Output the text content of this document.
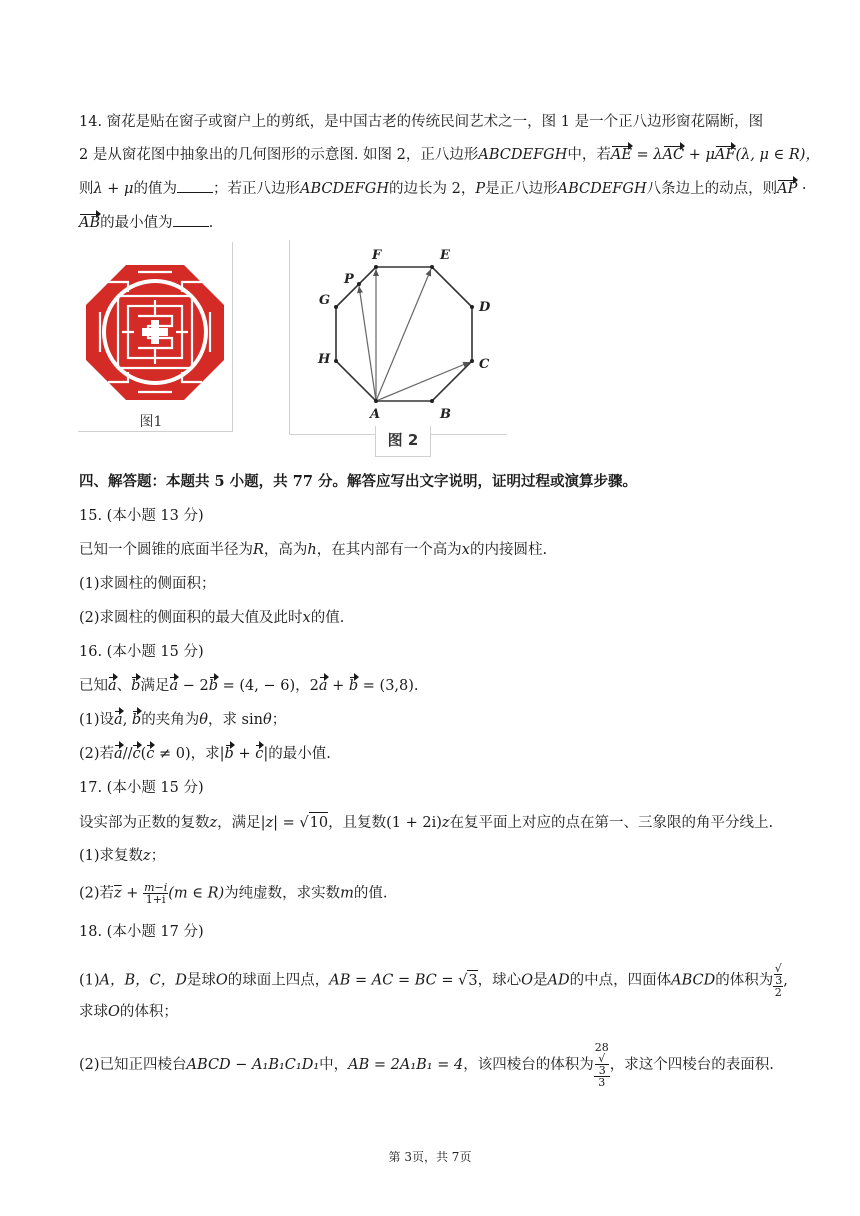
14. 窗花是贴在窗子或窗户上的剪纸，是中国古老的传统民间艺术之一，图 1 是一个正八边形窗花隔断，图
2 是从窗花图中抽象出的几何图形的示意图. 如图 2，正八边形ABCDEFGH中，若AE = λAC + μAF(λ, μ ∈ R)，
则λ + μ的值为 ；若正八边形ABCDEFGH的边长为 2，P是正八边形ABCDEFGH八条边上的动点，则AP ·
AB的最小值为 .
图1	A	B
C
D
E
F
G
H
P
图 2
四、解答题：本题共 5 小题，共 77 分。解答应写出文字说明，证明过程或演算步骤。
15. (本小题 13 分)
已知一个圆锥的底面半径为R，高为h，在其内部有一个高为x的内接圆柱.
(1)求圆柱的侧面积；
(2)求圆柱的侧面积的最大值及此时x的值.
16. (本小题 15 分)
已知a、b满足a − 2b = (4, − 6)，2a + b = (3,8).
(1)设a, b的夹角为θ，求 sinθ；
(2)若a//c(c ≠ 0)，求|b + c|的最小值.
17. (本小题 15 分)
设实部为正数的复数z，满足|z| = √10，且复数(1 + 2i)z在复平面上对应的点在第一、三象限的角平分线上.
(1)求复数z；
(2)若$\overline{z} + \frac{m-i}{1+i} (m$ ∈ R)为纯虚数，求实数m的值.
18. (本小题 17 分)
(1)A，B，C，D是球O的球面上四点，AB = AC = BC = √3，球心O是AD的中点，四面体ABCD的体积为 √
3
2 ,
求球O的体积；
(2)已知正四棱台ABCD − A₁B₁C₁D₁中，AB = 2A₁B₁ = 4，该四棱台的体积为 28
√
3
3 ，求这个四棱台的表面积.
第 3页，共 7页
